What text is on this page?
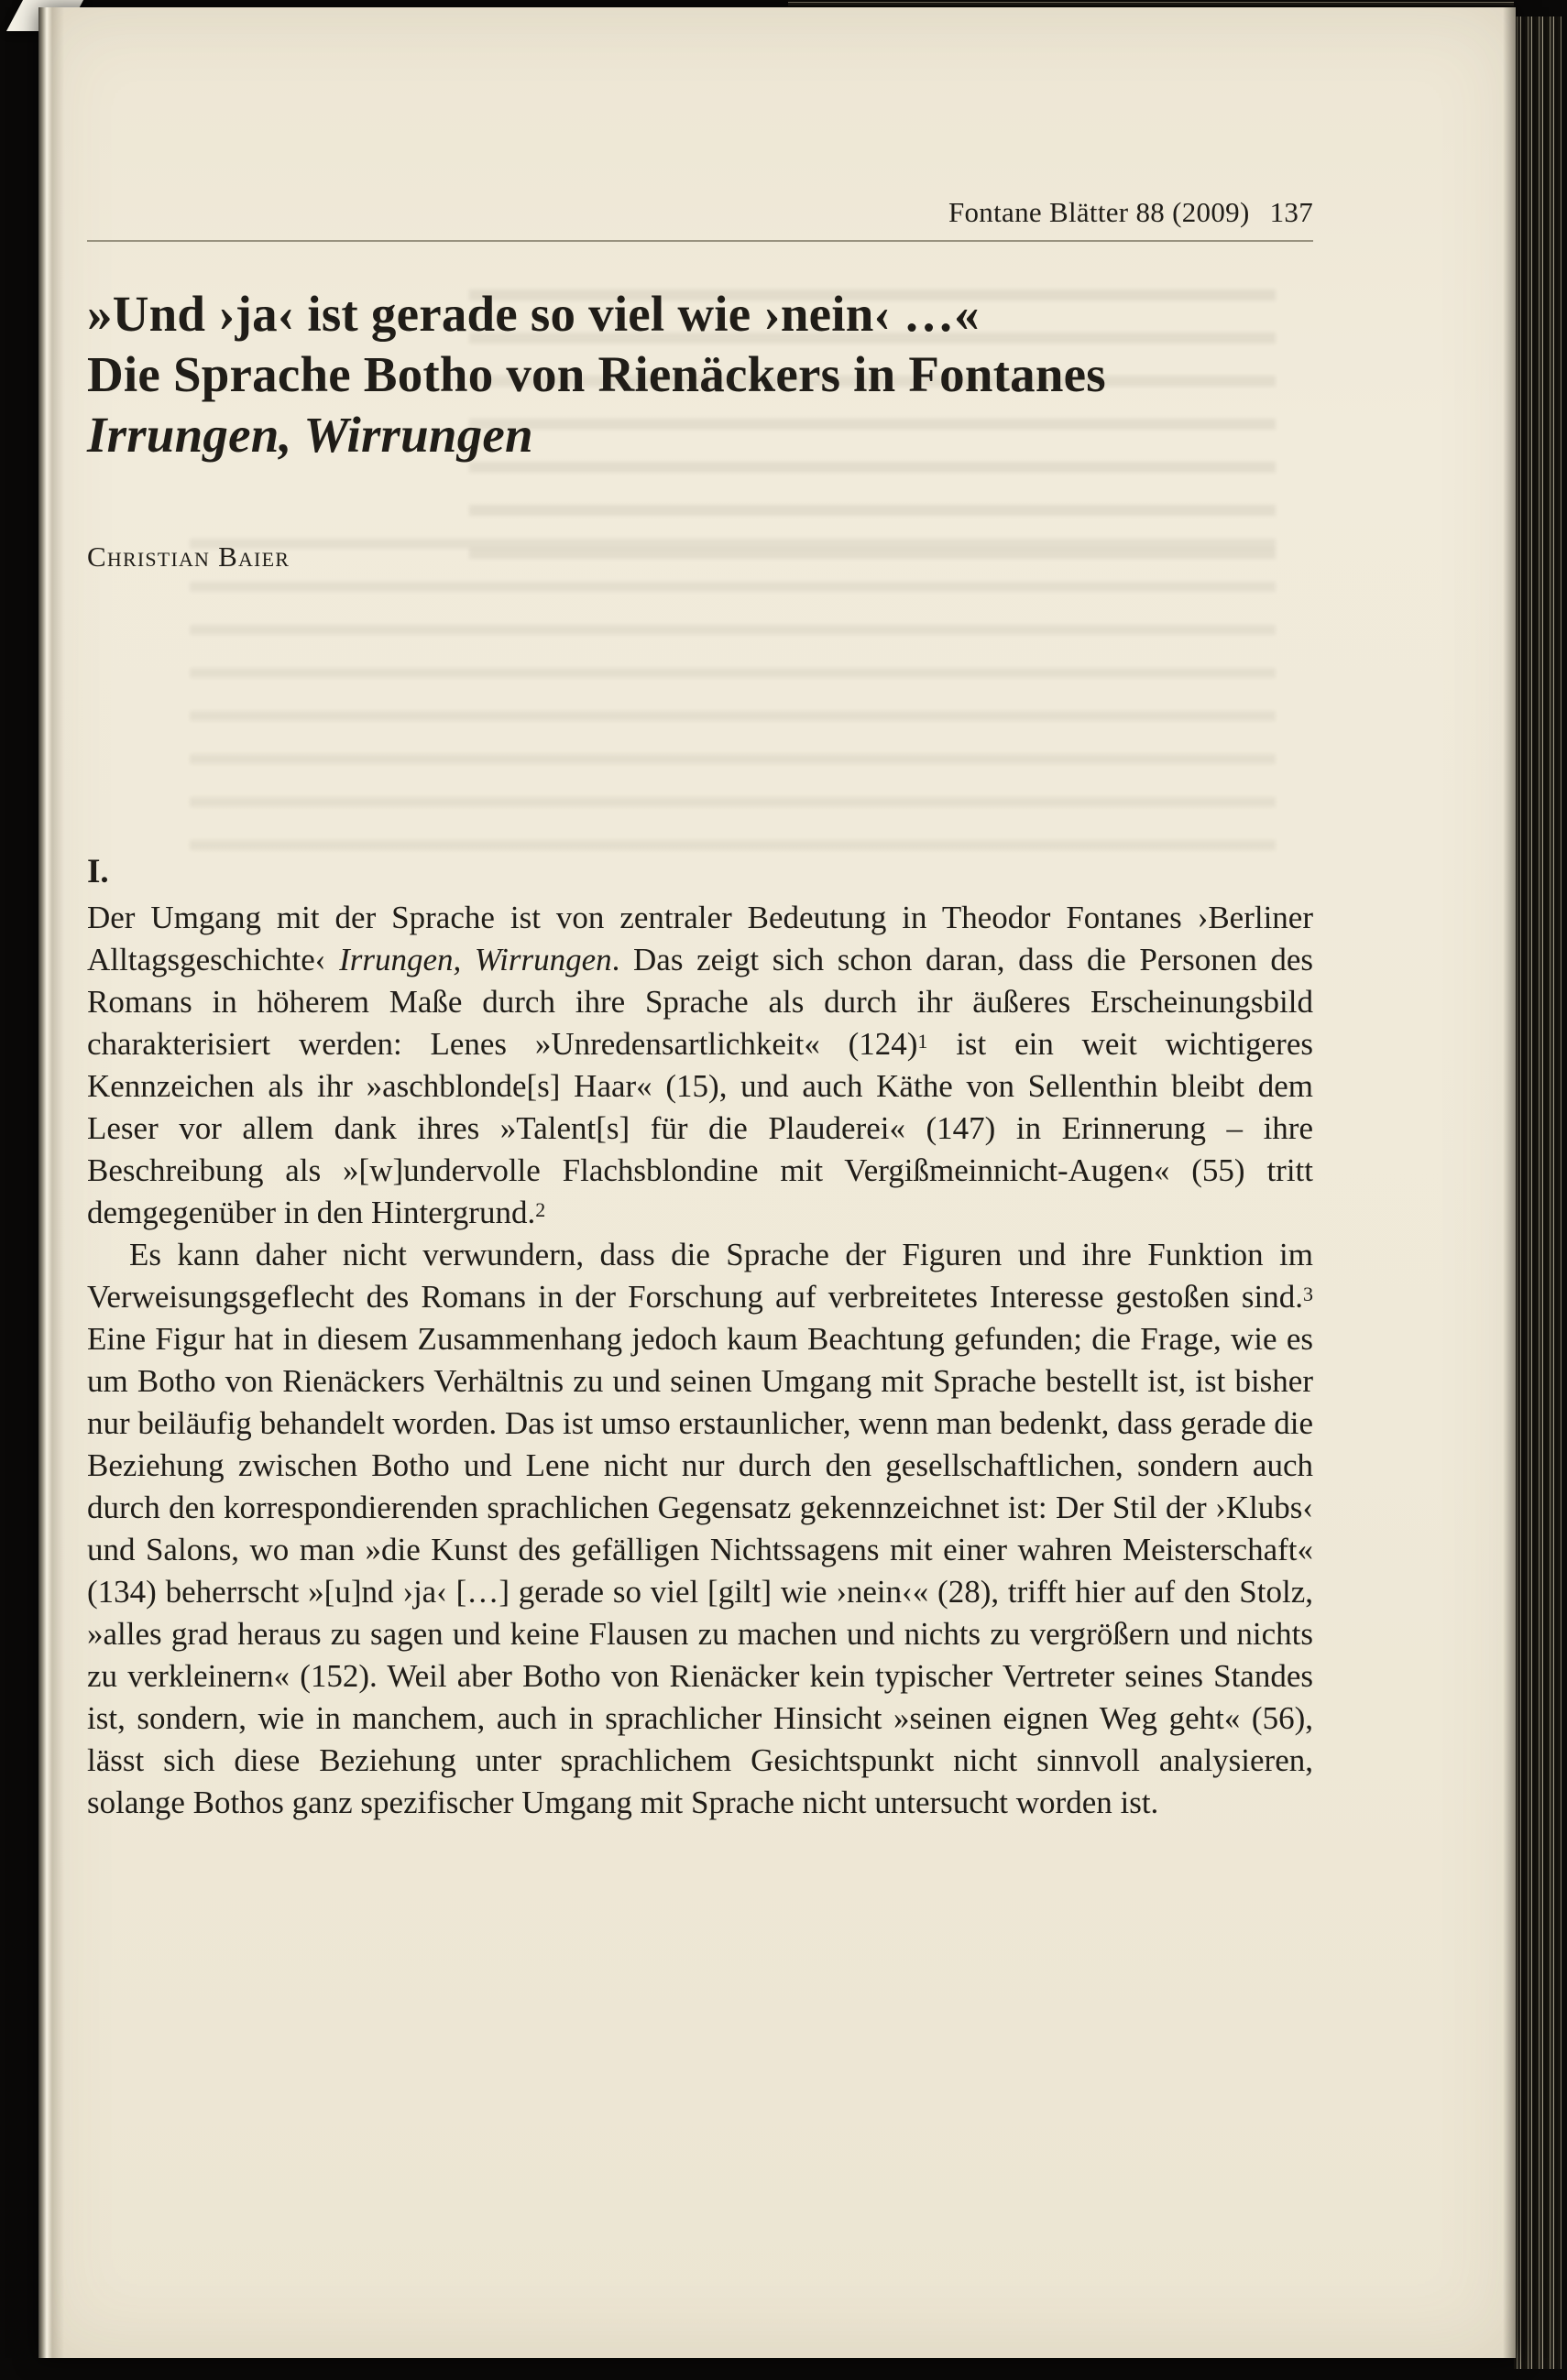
Fontane Blätter 88 (2009) 137
»Und ›ja‹ ist gerade so viel wie ›nein‹ …«
Die Sprache Botho von Rienäckers in Fontanes
Irrungen, Wirrungen
Christian Baier
I.

Der Umgang mit der Sprache ist von zentraler Bedeutung in Theodor Fontanes ›Berliner Alltagsgeschichte‹ Irrungen, Wirrungen. Das zeigt sich schon daran, dass die Personen des Romans in höherem Maße durch ihre Sprache als durch ihr äußeres Erscheinungsbild charakterisiert werden: Lenes »Unredensartlichkeit« $(124)^1$ ist ein weit wichtigeres Kennzeichen als ihr »aschblonde[s] Haar« (15), und auch Käthe von Sellenthin bleibt dem Leser vor allem dank ihres »Talent[s] für die Plauderei« (147) in Erinnerung – ihre Beschreibung als »[w]undervolle Flachsblondine mit Vergißmeinnicht-Augen« (55) tritt demgegenüber in den Hintergrund.$^2$

Es kann daher nicht verwundern, dass die Sprache der Figuren und ihre Funktion im Verweisungsgeflecht des Romans in der Forschung auf verbreitetes Interesse gestoßen sind.$^3$ Eine Figur hat in diesem Zusammenhang jedoch kaum Beachtung gefunden; die Frage, wie es um Botho von Rienäckers Verhältnis zu und seinen Umgang mit Sprache bestellt ist, ist bisher nur beiläufig behandelt worden. Das ist umso erstaunlicher, wenn man bedenkt, dass gerade die Beziehung zwischen Botho und Lene nicht nur durch den gesellschaftlichen, sondern auch durch den korrespondierenden sprachlichen Gegensatz gekennzeichnet ist: Der Stil der ›Klubs‹ und Salons, wo man »die Kunst des gefälligen Nichtssagens mit einer wahren Meisterschaft« (134) beherrscht »[u]nd ›ja‹ […] gerade so viel [gilt] wie ›nein‹« (28), trifft hier auf den Stolz, »alles grad heraus zu sagen und keine Flausen zu machen und nichts zu vergrößern und nichts zu verkleinern« (152). Weil aber Botho von Rienäcker kein typischer Vertreter seines Standes ist, sondern, wie in manchem, auch in sprachlicher Hinsicht »seinen eignen Weg geht« (56), lässt sich diese Beziehung unter sprachlichem Gesichtspunkt nicht sinnvoll analysieren, solange Bothos ganz spezifischer Umgang mit Sprache nicht untersucht worden ist.
